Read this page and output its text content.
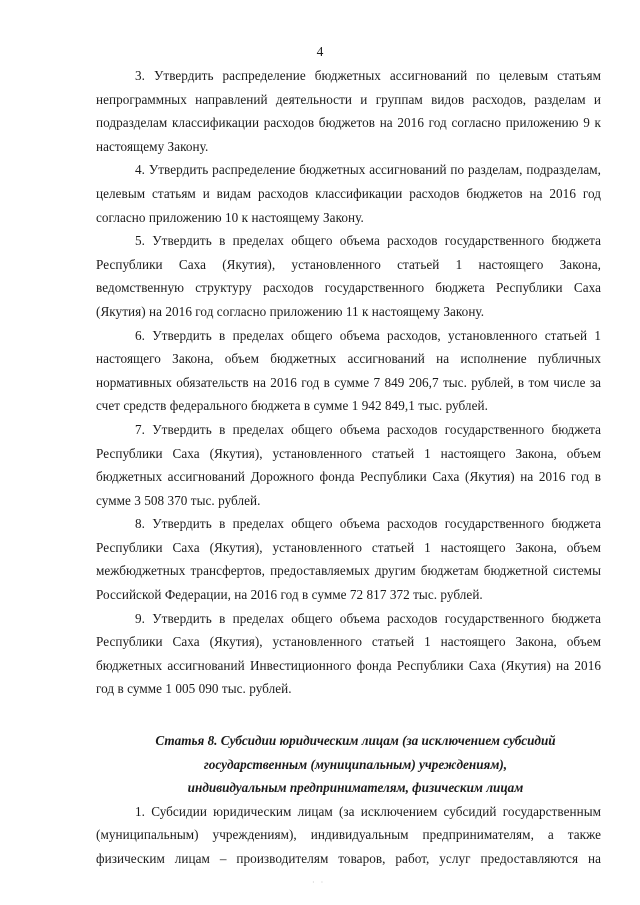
4

3. Утвердить распределение бюджетных ассигнований по целевым статьям непрограммных направлений деятельности и группам видов расходов, разделам и подразделам классификации расходов бюджетов на 2016 год согласно приложению 9 к настоящему Закону.

4. Утвердить распределение бюджетных ассигнований по разделам, подразделам, целевым статьям и видам расходов классификации расходов бюджетов на 2016 год согласно приложению 10 к настоящему Закону.

5. Утвердить в пределах общего объема расходов государственного бюджета Республики Саха (Якутия), установленного статьей 1 настоящего Закона, ведомственную структуру расходов государственного бюджета Республики Саха (Якутия) на 2016 год согласно приложению 11 к настоящему Закону.

6. Утвердить в пределах общего объема расходов, установленного статьей 1 настоящего Закона, объем бюджетных ассигнований на исполнение публичных нормативных обязательств на 2016 год в сумме 7 849 206,7 тыс. рублей, в том числе за счет средств федерального бюджета в сумме 1 942 849,1 тыс. рублей.

7. Утвердить в пределах общего объема расходов государственного бюджета Республики Саха (Якутия), установленного статьей 1 настоящего Закона, объем бюджетных ассигнований Дорожного фонда Республики Саха (Якутия) на 2016 год в сумме 3 508 370 тыс. рублей.

8. Утвердить в пределах общего объема расходов государственного бюджета Республики Саха (Якутия), установленного статьей 1 настоящего Закона, объем межбюджетных трансфертов, предоставляемых другим бюджетам бюджетной системы Российской Федерации, на 2016 год в сумме 72 817 372 тыс. рублей.

9. Утвердить в пределах общего объема расходов государственного бюджета Республики Саха (Якутия), установленного статьей 1 настоящего Закона, объем бюджетных ассигнований Инвестиционного фонда Республики Саха (Якутия) на 2016 год в сумме 1 005 090 тыс. рублей.

Статья 8. Субсидии юридическим лицам (за исключением субсидий
государственным (муниципальным) учреждениям),
индивидуальным предпринимателям, физическим лицам

1. Субсидии юридическим лицам (за исключением субсидий государственным (муниципальным) учреждениям), индивидуальным предпринимателям, а также физическим лицам – производителям товаров, работ, услуг предоставляются на

· ·
